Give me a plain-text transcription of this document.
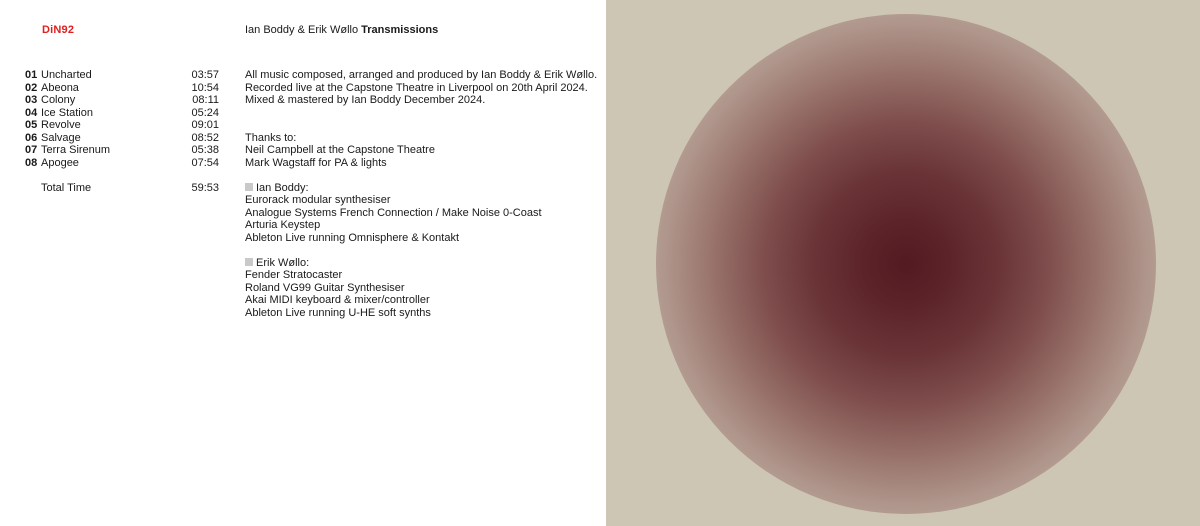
DiN92	Ian Boddy & Erik Wøllo Transmissions
01 Uncharted	03:57
02 Abeona	10:54
03 Colony	08:11
04 Ice Station	05:24
05 Revolve	09:01
06 Salvage	08:52
07 Terra Sirenum	05:38
08 Apogee	07:54
Total Time	59:53

All music composed, arranged and produced by Ian Boddy & Erik Wøllo.

Recorded live at the Capstone Theatre in Liverpool on 20th April 2024.

Mixed & mastered by Ian Boddy December 2024.

Thanks to:

Neil Campbell at the Capstone Theatre

Mark Wagstaff for PA & lights

Ian Boddy:

Eurorack modular synthesiser

Analogue Systems French Connection / Make Noise 0-Coast

Arturia Keystep

Ableton Live running Omnisphere & Kontakt

Erik Wøllo:

Fender Stratocaster

Roland VG99 Guitar Synthesiser

Akai MIDI keyboard & mixer/controller

Ableton Live running U-HE soft synths
